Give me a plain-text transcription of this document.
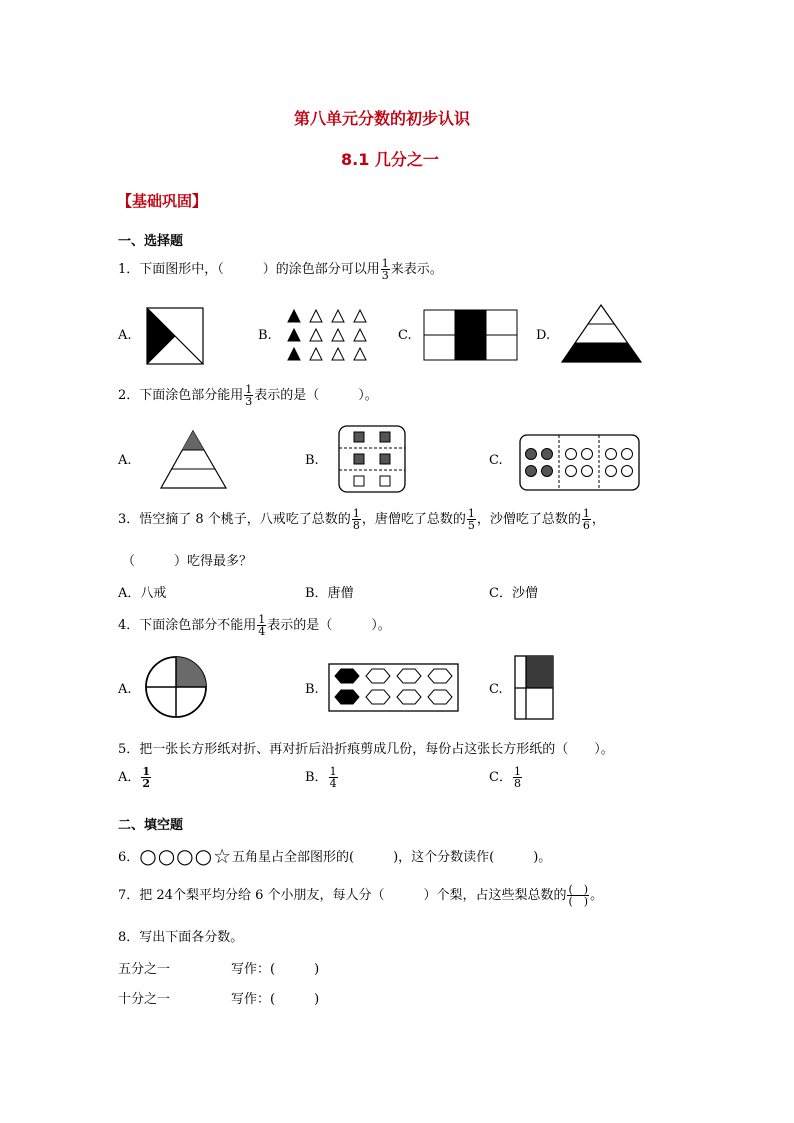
第八单元分数的初步认识
8.1 几分之一
【基础巩固】
一、选择题
1．下面图形中，（　　　）的涂色部分可以用 $\frac{1}{3}$ 来表示。
A.	B.	C.	D.
2．下面涂色部分能用 $\frac{1}{3}$ 表示的是（　　　）。
A.	B.	C.
3．悟空摘了 8 个桃子，八戒吃了总数的 $\frac{1}{8}$ ，唐僧吃了总数的 $\frac{1}{5}$ ，沙僧吃了总数的 $\frac{1}{6}$ ，
（　　　）吃得最多？
A．八戒	B．唐僧	C．沙僧
4．下面涂色部分不能用 $\frac{1}{4}$ 表示的是（　　　）。
A.	B.	C.
5．把一张长方形纸对折、再对折后沿折痕剪成几份，每份占这张长方形纸的（　　）。
A． $\frac{1}{2}$	B． $\frac{1}{4}$	C． $\frac{1}{8}$
二、填空题
6．○○○○☆五角星占全部图形的(　　　)，这个分数读作(　　　)。
7．把 24个梨平均分给 6 个小朋友，每人分（　　　）个梨，占这些梨总数的 $\frac{( )}{( )}$ 。
8．写出下面各分数。
五分之一	写作：(　　　)
十分之一	写作：(　　　)
